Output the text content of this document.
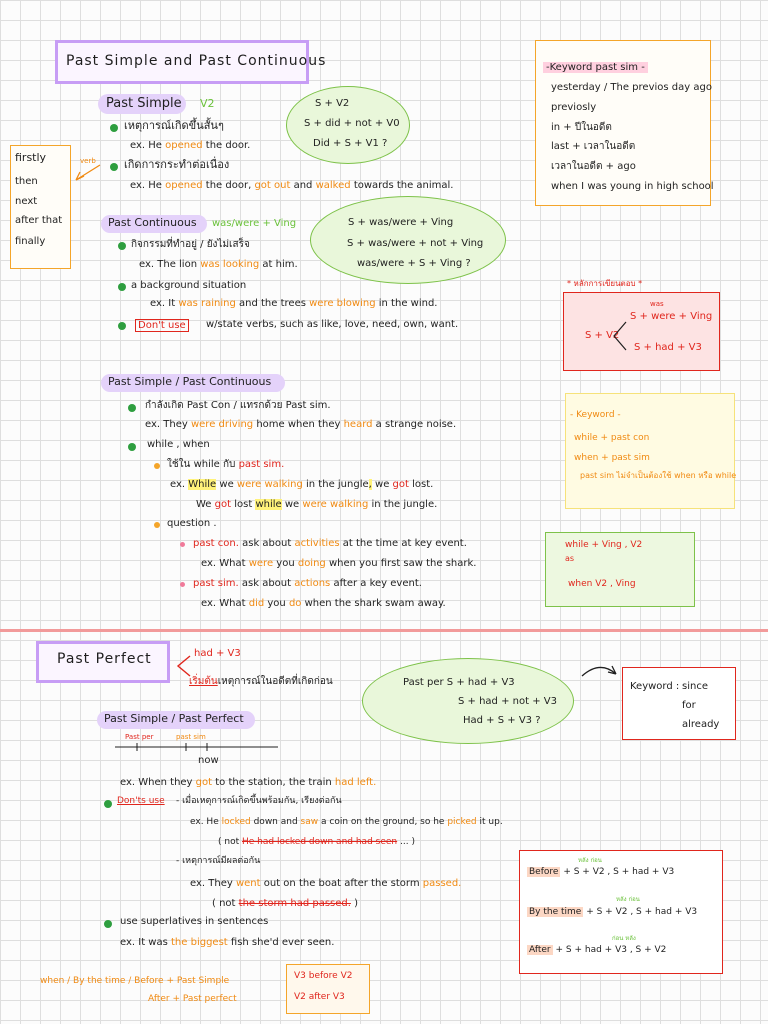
Past Simple and Past Continuous	-Keyword past sim -
yesterday / The previos day ago
previosly
in + ปีในอดีต
last + เวลาในอดีต
เวลาในอดีต + ago
when I was young in high school
firstly
then
next
after that
finally
verb
Past Simple V2
เหตุการณ์เกิดขึ้นสั้นๆ
ex. He opened the door.
เกิดการกระทำต่อเนื่อง
ex. He opened the door, got out and walked towards the animal.
S + V2
S + did + not + V0
Did + S + V1 ?
Past Continuous was/were + Ving
กิจกรรมที่ทำอยู่ / ยังไม่เสร็จ
ex. The lion was looking at him.
a background situation
ex. It was raining and the trees were blowing in the wind.
Don't use	w/state verbs, such as like, love, need, own, want.
S + was/were + Ving
S + was/were + not + Ving
was/were + S + Ving ?
* หลักการเขียนตอบ *
S + V2
was
S + were + Ving
S + had + V3
Past Simple / Past Continuous
กำลังเกิด Past Con / แทรกด้วย Past sim.
ex. They were driving home when they heard a strange noise.
while , when
ใช้ใน while กับ past sim.
ex. While we were walking in the jungle, we got lost.
We got lost while we were walking in the jungle.
question .
past con. ask about activities at the time at key event.
ex. What were you doing when you first saw the shark.
past sim. ask about actions after a key event.
ex. What did you do when the shark swam away.
- Keyword -
while + past con
when + past sim
past sim ไม่จำเป็นต้องใช้ when หรือ while
while + Ving , V2
as
when V2 , Ving
Past Perfect	had + V3
เริ่มต้นเหตุการณ์ในอดีตที่เกิดก่อน	Past per S + had + V3
S + had + not + V3
Had + S + V3 ?
Keyword : since
for
already
Past Simple / Past Perfect
Past per	past sim
now
ex. When they got to the station, the train had left.
Don'ts use - เมื่อเหตุการณ์เกิดขึ้นพร้อมกัน, เรียงต่อกัน
ex. He locked down and saw a coin on the ground, so he picked it up.
( not He had locked down and had seen ... )
- เหตุการณ์มีผลต่อกัน
ex. They went out on the boat after the storm passed.
( not the storm had passed. )
use superlatives in sentences
ex. It was the biggest fish she'd ever seen.
when / By the time / Before + Past Simple
After + Past perfect
V3 before V2
V2 after V3
หลัง ก่อน
Before + S + V2 , S + had + V3
หลัง ก่อน
By the time + S + V2 , S + had + V3
ก่อน หลัง
After + S + had + V3 , S + V2
